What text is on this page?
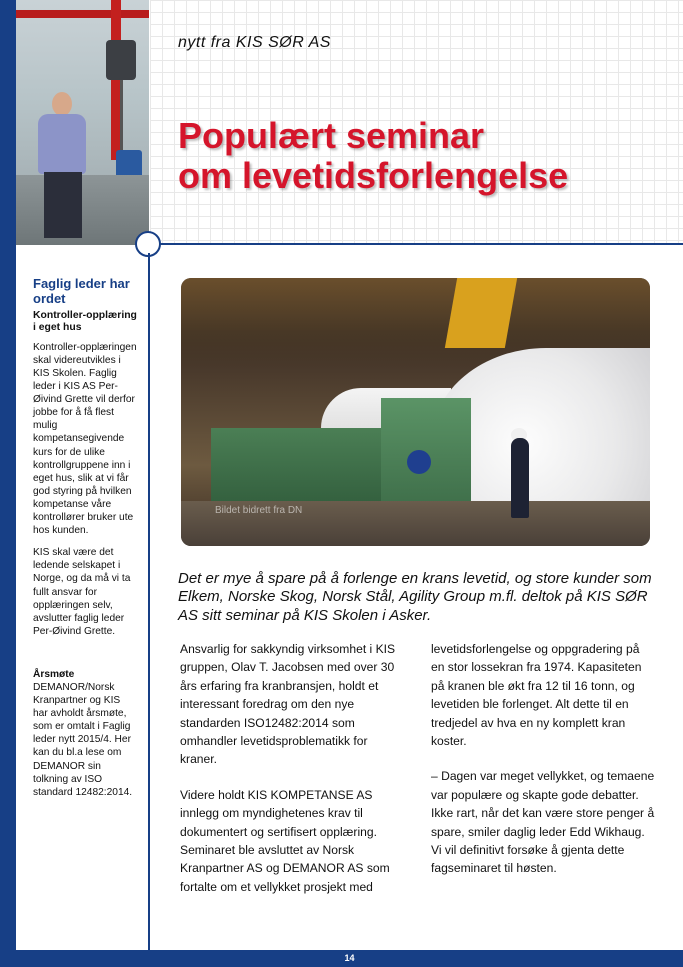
Faglig leder har ordet
Kontroller-opplæring i eget hus

Kontroller-opplæringen skal videreutvikles i KIS Skolen. Faglig leder i KIS AS Per-Øivind Grette vil derfor jobbe for å få flest mulig kompetansegivende kurs for de ulike kontrollgruppene inn i eget hus, slik at vi får god styring på hvilken kompetanse våre kontrollører bruker ute hos kunden.

KIS skal være det ledende selskapet i Norge, og da må vi ta fullt ansvar for opplæringen selv, avslutter faglig leder Per-Øivind Grette.

Årsmøte

DEMANOR/Norsk Kranpartner og KIS har avholdt årsmøte, som er omtalt i Faglig leder nytt 2015/4. Her kan du bl.a lese om DEMANOR sin tolkning av ISO standard 12482:2014.

nytt fra KIS SØR AS
Populært seminar
om levetidsforlengelse
Bildet bidrett fra DN
Det er mye å spare på å forlenge en krans levetid, og store kunder som Elkem, Norske Skog, Norsk Stål, Agility Group m.fl. deltok på KIS SØR AS sitt seminar på KIS Skolen i Asker.

Ansvarlig for sakkyndig virksomhet i KIS gruppen, Olav T. Jacobsen med over 30 års erfaring fra kranbransjen, holdt et interessant foredrag om den nye standarden ISO12482:2014 som omhandler levetidsproblematikk for kraner.

Videre holdt KIS KOMPETANSE AS innlegg om myndighetenes krav til dokumentert og sertifisert opplæring. Seminaret ble avsluttet av Norsk Kranpartner AS og DEMANOR AS som fortalte om et vellykket prosjekt med

levetidsforlengelse og oppgradering på en stor lossekran fra 1974. Kapasiteten på kranen ble økt fra 12 til 16 tonn, og levetiden ble forlenget. Alt dette til en tredjedel av hva en ny komplett kran koster.

– Dagen var meget vellykket, og temaene var populære og skapte gode debatter. Ikke rart, når det kan være store penger å spare, smiler daglig leder Edd Wikhaug. Vi vil definitivt forsøke å gjenta dette fagseminaret til høsten.

14
